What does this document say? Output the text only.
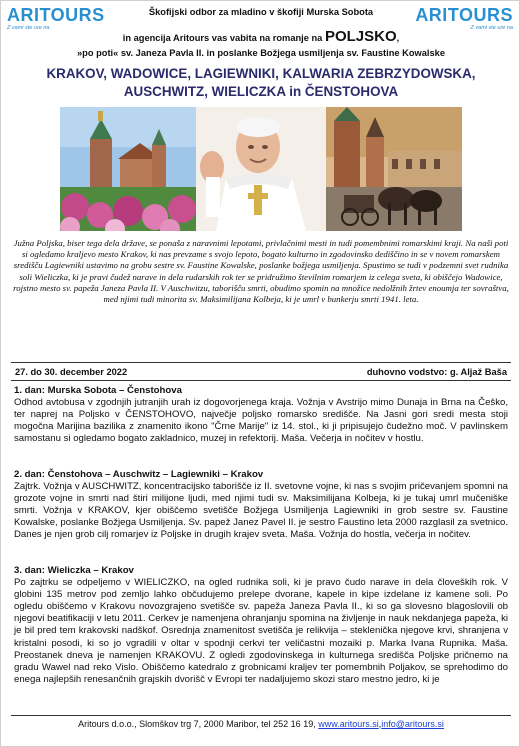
ARITOURS
Z vami ste ure na
ARITOURS
Z vami ste ure na
Škofijski odbor za mladino v škofiji Murska Sobota
in agencija Aritours vas vabita na romanje na POLJSKO,
»po poti« sv. Janeza Pavla II. in poslanke Božjega usmiljenja sv. Faustine Kowalske
KRAKOV, WADOWICE, LAGIEWNIKI, KALWARIA ZEBRZYDOWSKA,
AUSCHWITZ, WIELICZKA in ČENSTOHOVA
Južna Poljska, biser tega dela države, se ponaša z naravnimi lepotami, privlačnimi mesti in tudi pomembnimi romarskimi kraji. Na naši poti si ogledamo kraljevo mesto Krakov, ki nas prevzame s svojo lepoto, bogato kulturno in zgodovinsko dediščino in se v novem romarskem središču Lagiewniki ustavimo na grobu sestre sv. Faustine Kowalske, poslanke božjega usmiljenja. Spustimo se tudi v podzemni svet rudnika soli Wieliczka, ki je pravi čudež narave in dela rudarskih rok ter se pridružimo številnim romarjem iz celega sveta, ki obiščejo Wadowice, rojstno mesto sv. papeža Janeza Pavla II. V Auschwitzu, taborišču smrti, obudimo spomin na množice nedolžnih žrtev enoumja ter sovraštva, med njimi tudi minorita sv. Maksimilijana Kolbeja, ki je umrl v bunkerju smrti 1941. leta.
27. do 30. december 2022	duhovno vodstvo: g. Aljaž Baša
1. dan: Murska Sobota – Čenstohova

Odhod avtobusa v zgodnjih jutranjih urah iz dogovorjenega kraja. Vožnja v Avstrijo mimo Dunaja in Brna na Češko, ter naprej na Poljsko v ČENSTOHOVO, največje poljsko romarsko središče. Na Jasni gori sredi mesta stoji mogočna Marijina bazilika z znamenito ikono "Črne Marije" iz 14. stol., ki ji pripisujejo čudežno moč. V pavlinskem samostanu si ogledamo bogato zakladnico, muzej in refektorij. Maša. Večerja in nočitev v hostlu.

2. dan: Čenstohova – Auschwitz – Lagiewniki – Krakov

Zajtrk. Vožnja v AUSCHWITZ, koncentracijsko taborišče iz II. svetovne vojne, ki nas s svojim pričevanjem spomni na grozote vojne in smrti nad štiri milijone ljudi, med njimi tudi sv. Maksimilijana Kolbeja, ki je tukaj umrl mučeniške smrti. Vožnja v KRAKOV, kjer obiščemo svetišče Božjega Usmiljenja Lagiewniki in grob sestre sv. Faustine Kowalske, poslanke Božjega Usmiljenja. Sv. papež Janez Pavel II. je sestro Faustino leta 2000 razglasil za svetnico. Danes je njen grob cilj romarjev iz Poljske in drugih krajev sveta. Maša. Vožnja do hostla, večerja in nočitev.

3. dan: Wieliczka – Krakov

Po zajtrku se odpeljemo v WIELICZKO, na ogled rudnika soli, ki je pravo čudo narave in dela človeških rok. V globini 135 metrov pod zemljo lahko občudujemo prelepe dvorane, kapele in kipe izdelane iz kamene soli. Po ogledu obiščemo v Krakovu novozgrajeno svetišče sv. papeža Janeza Pavla II., ki so ga slovesno blagoslovili ob njegovi beatifikaciji v letu 2011. Cerkev je namenjena ohranjanju spomina na življenje in nauk nekdanjega papeža, ki je bil pred tem krakovski nadškof. Osrednja znamenitost svetišča je relikvija – steklenička njegove krvi, shranjena v kristalni posodi, ki so jo vgradili v oltar v spodnji cerkvi ter veličastni mozaiki p. Marka Ivana Rupnika. Maša. Preostanek dneva je namenjen KRAKOVU. Z ogledi zgodovinskega in kulturnega središča Poljske pričnemo na gradu Wawel nad reko Vislo. Obiščemo katedralo z grobnicami kraljev ter pomembnih Poljakov, se sprehodimo do enega najlepših renesančnih grajskih dvorišč v Evropi ter nadaljujemo skozi staro mestno jedro, ki je

Aritours d.o.o., Slomškov trg 7, 2000 Maribor, tel 252 16 19, www.aritours.si,info@aritours.si
